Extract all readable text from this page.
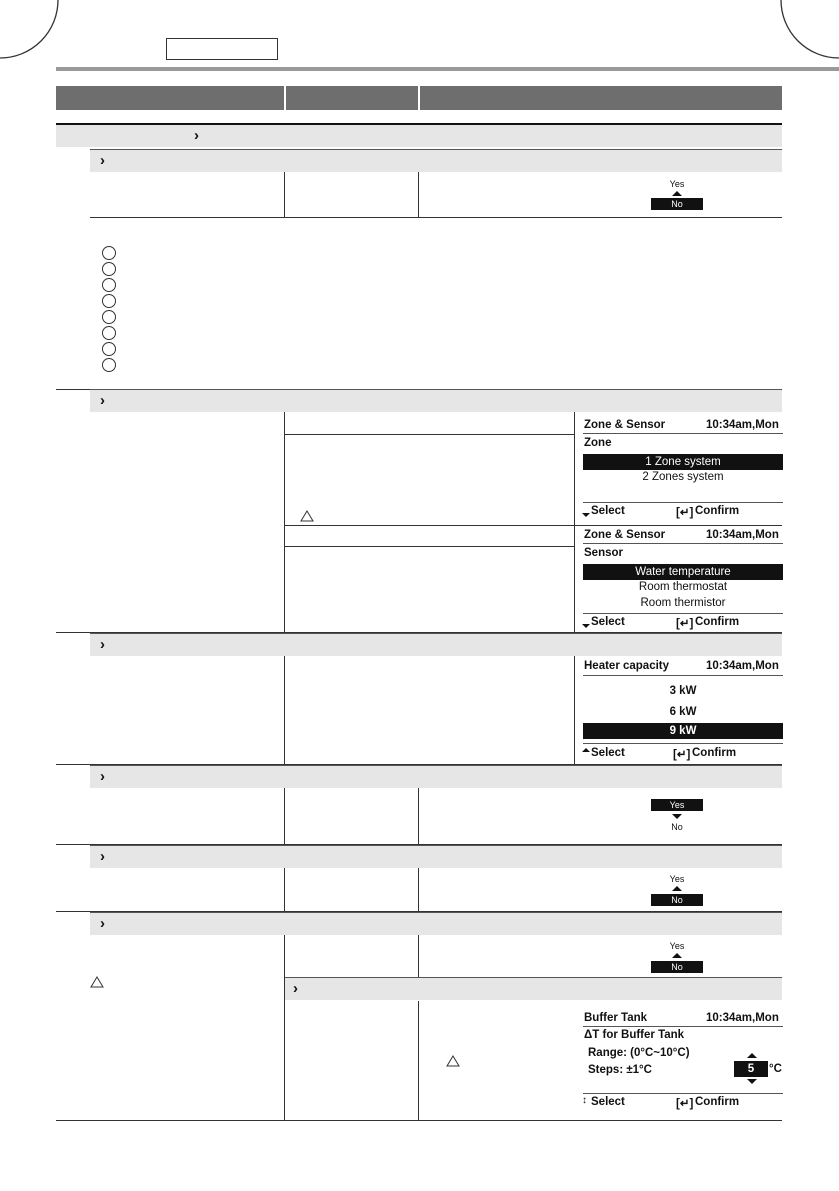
›
›
Yes
No
›
Zone & Sensor	10:34am,Mon
Zone
1 Zone system
2 Zones system
Select	[↵] Confirm
Zone & Sensor	10:34am,Mon
Sensor
Water temperature
Room thermostat
Room thermistor
Select	[↵] Confirm
›
Heater capacity	10:34am,Mon
3 kW
6 kW
9 kW
Select	[↵] Confirm
›
Yes
No
›
Yes
No
›
Yes
No
›
Buffer Tank	10:34am,Mon
ΔT for Buffer Tank
Range: (0°C~10°C)
Steps: ±1°C	5	°C
↕ Select	[↵] Confirm
